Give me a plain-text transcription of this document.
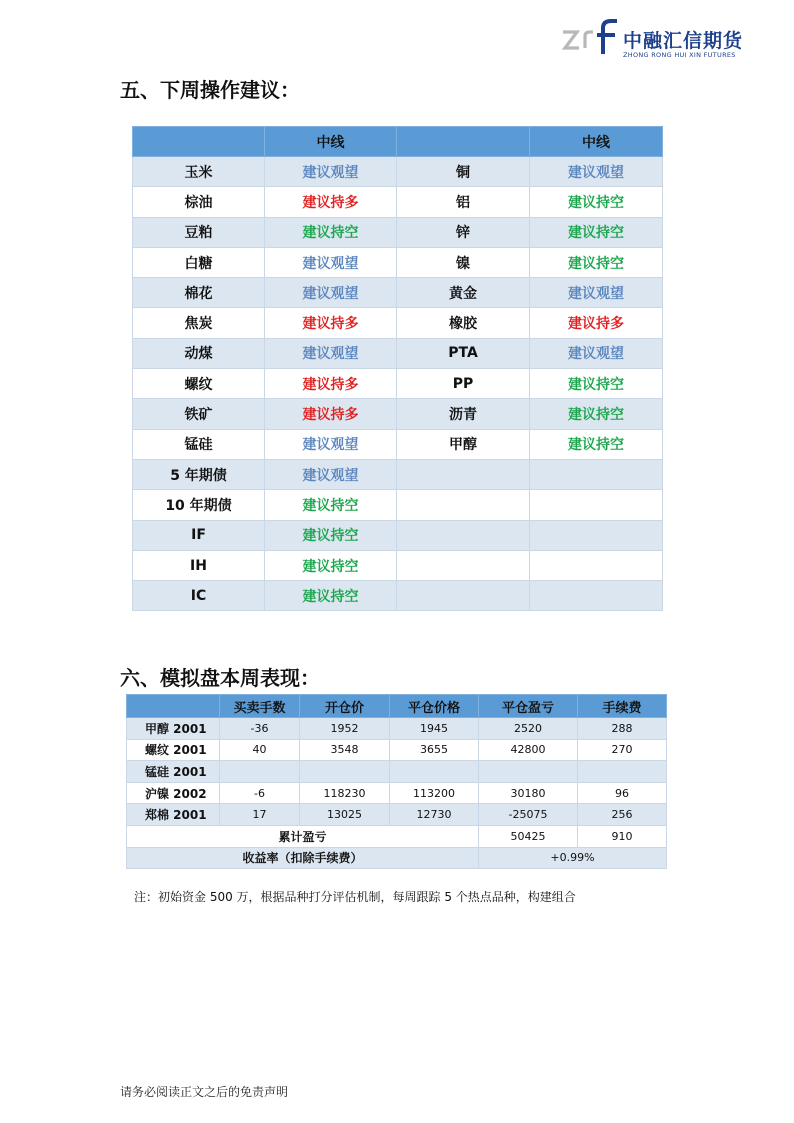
中融汇信期货
ZHONG RONG HUI XIN FUTURES
五、下周操作建议：
	中线		中线
玉米	建议观望	铜	建议观望
棕油	建议持多	铝	建议持空
豆粕	建议持空	锌	建议持空
白糖	建议观望	镍	建议持空
棉花	建议观望	黄金	建议观望
焦炭	建议持多	橡胶	建议持多
动煤	建议观望	PTA	建议观望
螺纹	建议持多	PP	建议持空
铁矿	建议持多	沥青	建议持空
锰硅	建议观望	甲醇	建议持空
5 年期债	建议观望		
10 年期债	建议持空		
IF	建议持空		
IH	建议持空		
IC	建议持空		
六、模拟盘本周表现：
	买卖手数	开仓价	平仓价格	平仓盈亏	手续费
甲醇 2001	-36	1952	1945	2520	288
螺纹 2001	40	3548	3655	42800	270
锰硅 2001					
沪镍 2002	-6	118230	113200	30180	96
郑棉 2001	17	13025	12730	-25075	256
累计盈亏				50425	910
收益率（扣除手续费）				+0.99%	
注：初始资金 500 万，根据品种打分评估机制，每周跟踪 5 个热点品种，构建组合
请务必阅读正文之后的免责声明
